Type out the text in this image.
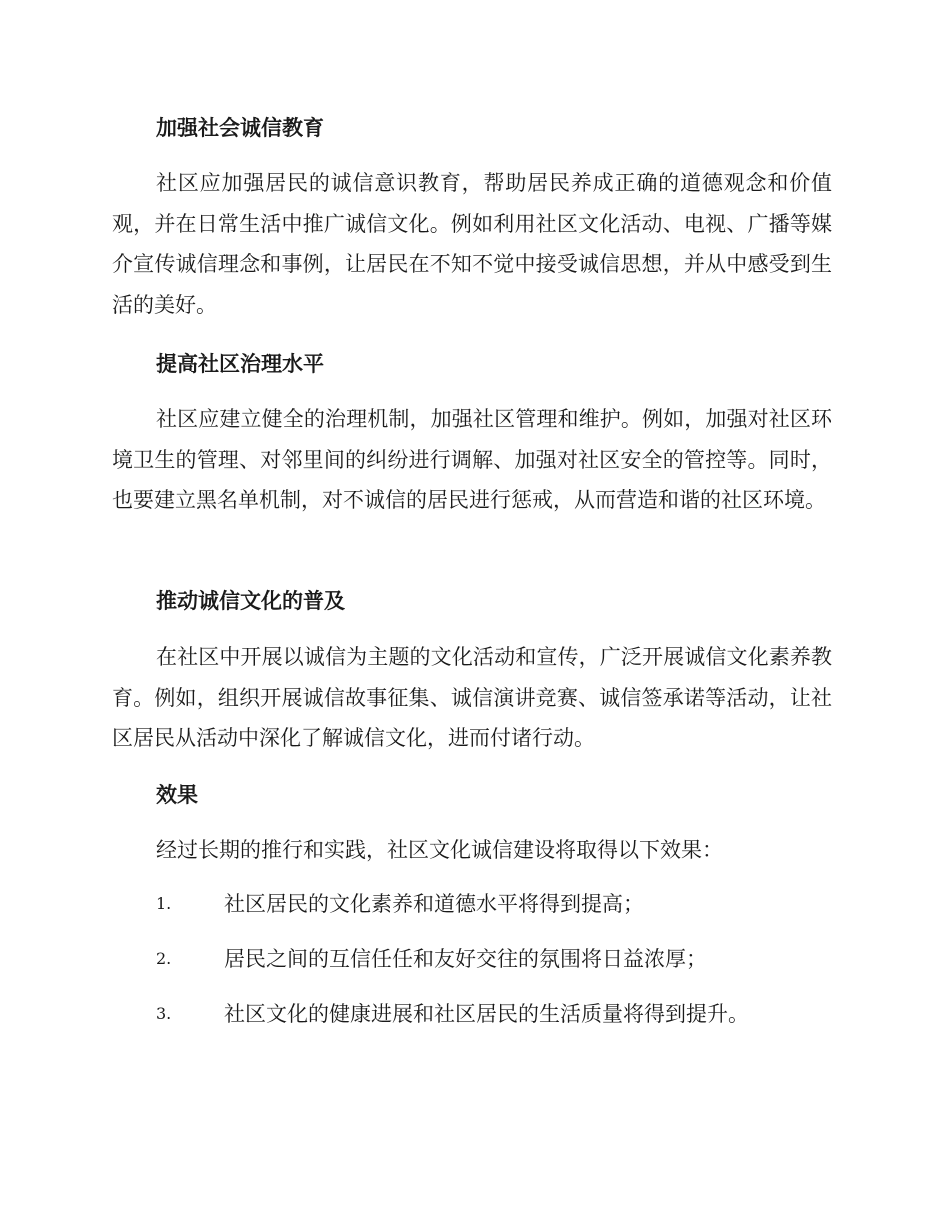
加强社会诚信教育

社区应加强居民的诚信意识教育，帮助居民养成正确的道德观念和价值观，并在日常生活中推广诚信文化。例如利用社区文化活动、电视、广播等媒介宣传诚信理念和事例，让居民在不知不觉中接受诚信思想，并从中感受到生活的美好。

提高社区治理水平

社区应建立健全的治理机制，加强社区管理和维护。例如，加强对社区环境卫生的管理、对邻里间的纠纷进行调解、加强对社区安全的管控等。同时，也要建立黑名单机制，对不诚信的居民进行惩戒，从而营造和谐的社区环境。

推动诚信文化的普及

在社区中开展以诚信为主题的文化活动和宣传，广泛开展诚信文化素养教育。例如，组织开展诚信故事征集、诚信演讲竞赛、诚信签承诺等活动，让社区居民从活动中深化了解诚信文化，进而付诸行动。

效果

经过长期的推行和实践，社区文化诚信建设将取得以下效果：

1.	社区居民的文化素养和道德水平将得到提高；
2.	居民之间的互信任任和友好交往的氛围将日益浓厚；
3.	社区文化的健康进展和社区居民的生活质量将得到提升。
